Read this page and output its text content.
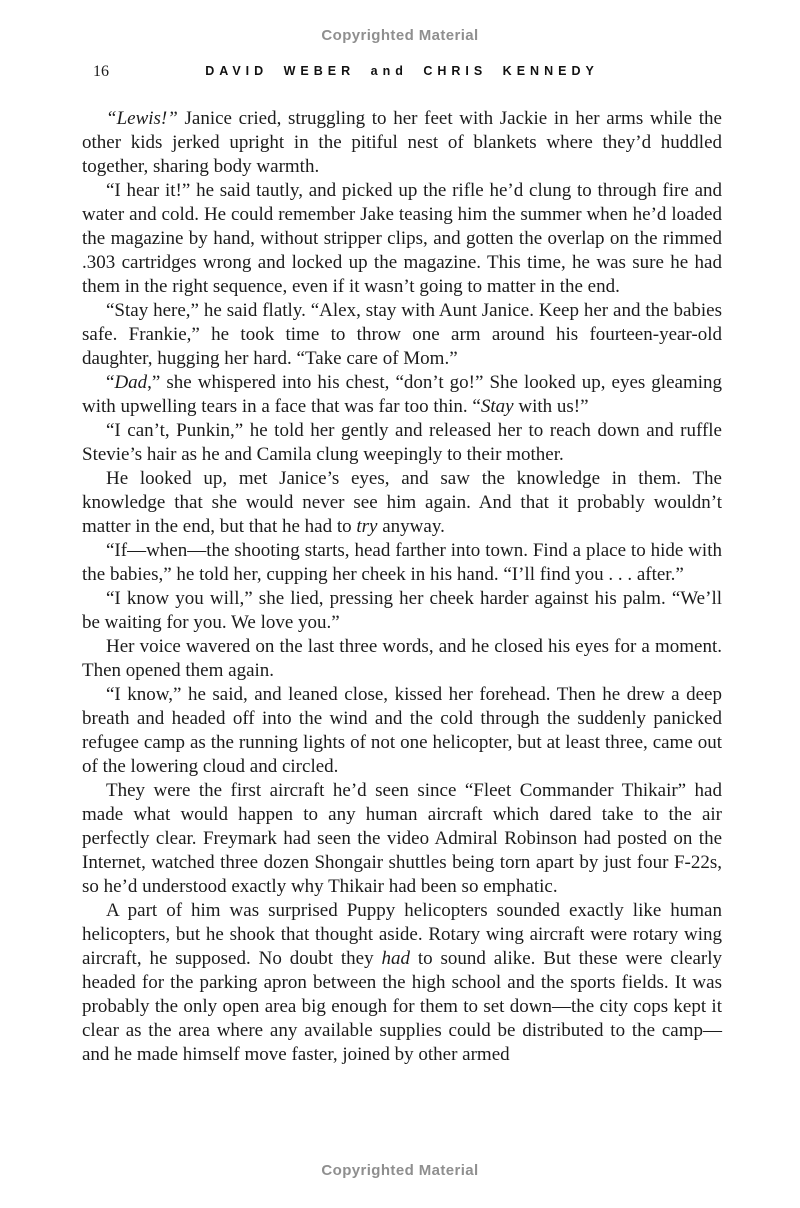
Copyrighted Material
16	DAVID WEBER and CHRIS KENNEDY

“Lewis!” Janice cried, struggling to her feet with Jackie in her arms while the other kids jerked upright in the pitiful nest of blankets where they’d huddled together, sharing body warmth.

“I hear it!” he said tautly, and picked up the rifle he’d clung to through fire and water and cold. He could remember Jake teasing him the summer when he’d loaded the magazine by hand, without stripper clips, and gotten the overlap on the rimmed .303 cartridges wrong and locked up the magazine. This time, he was sure he had them in the right sequence, even if it wasn’t going to matter in the end.

“Stay here,” he said flatly. “Alex, stay with Aunt Janice. Keep her and the babies safe. Frankie,” he took time to throw one arm around his fourteen-year-old daughter, hugging her hard. “Take care of Mom.”

“Dad,” she whispered into his chest, “don’t go!” She looked up, eyes gleaming with upwelling tears in a face that was far too thin. “Stay with us!”

“I can’t, Punkin,” he told her gently and released her to reach down and ruffle Stevie’s hair as he and Camila clung weepingly to their mother.

He looked up, met Janice’s eyes, and saw the knowledge in them. The knowledge that she would never see him again. And that it probably wouldn’t matter in the end, but that he had to try anyway.

“If—when—the shooting starts, head farther into town. Find a place to hide with the babies,” he told her, cupping her cheek in his hand. “I’ll find you . . . after.”

“I know you will,” she lied, pressing her cheek harder against his palm. “We’ll be waiting for you. We love you.”

Her voice wavered on the last three words, and he closed his eyes for a moment. Then opened them again.

“I know,” he said, and leaned close, kissed her forehead. Then he drew a deep breath and headed off into the wind and the cold through the suddenly panicked refugee camp as the running lights of not one helicopter, but at least three, came out of the lowering cloud and circled.

They were the first aircraft he’d seen since “Fleet Commander Thikair” had made what would happen to any human aircraft which dared take to the air perfectly clear. Freymark had seen the video Admiral Robinson had posted on the Internet, watched three dozen Shongair shuttles being torn apart by just four F-22s, so he’d understood exactly why Thikair had been so emphatic.

A part of him was surprised Puppy helicopters sounded exactly like human helicopters, but he shook that thought aside. Rotary wing aircraft were rotary wing aircraft, he supposed. No doubt they had to sound alike. But these were clearly headed for the parking apron between the high school and the sports fields. It was probably the only open area big enough for them to set down—the city cops kept it clear as the area where any available supplies could be distributed to the camp—and he made himself move faster, joined by other armed

Copyrighted Material
